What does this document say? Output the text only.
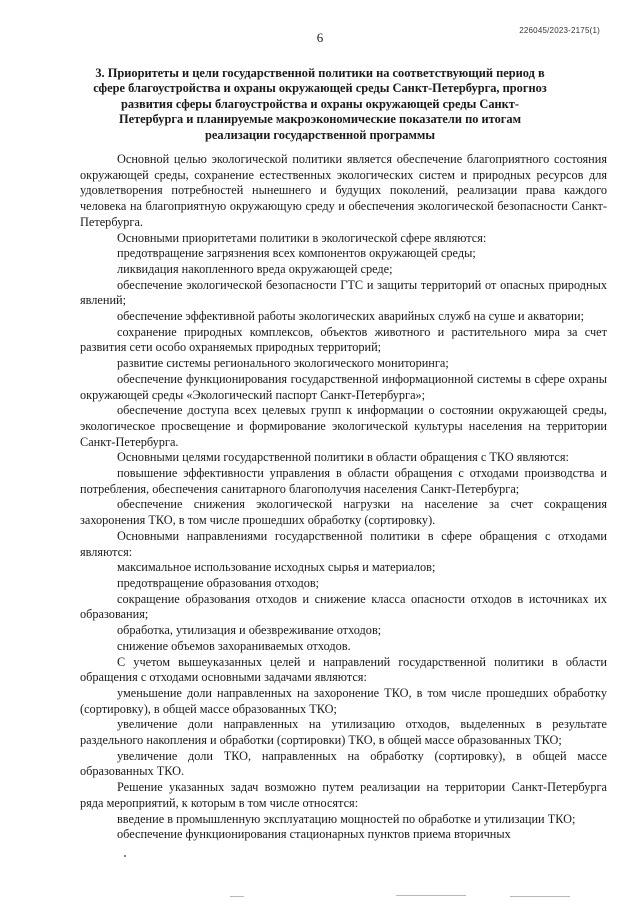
226045/2023-2175(1)
6
3. Приоритеты и цели государственной политики на соответствующий период в сфере благоустройства и охраны окружающей среды Санкт-Петербурга, прогноз развития сферы благоустройства и охраны окружающей среды Санкт-Петербурга и планируемые макроэкономические показатели по итогам реализации государственной программы

Основной целью экологической политики является обеспечение благоприятного состояния окружающей среды, сохранение естественных экологических систем и природных ресурсов для удовлетворения потребностей нынешнего и будущих поколений, реализации права каждого человека на благоприятную окружающую среду и обеспечения экологической безопасности Санкт-Петербурга.

Основными приоритетами политики в экологической сфере являются:

предотвращение загрязнения всех компонентов окружающей среды;

ликвидация накопленного вреда окружающей среде;

обеспечение экологической безопасности ГТС и защиты территорий от опасных природных явлений;

обеспечение эффективной работы экологических аварийных служб на суше и акватории;

сохранение природных комплексов, объектов животного и растительного мира за счет развития сети особо охраняемых природных территорий;

развитие системы регионального экологического мониторинга;

обеспечение функционирования государственной информационной системы в сфере охраны окружающей среды «Экологический паспорт Санкт-Петербурга»;

обеспечение доступа всех целевых групп к информации о состоянии окружающей среды, экологическое просвещение и формирование экологической культуры населения на территории Санкт-Петербурга.

Основными целями государственной политики в области обращения с ТКО являются:

повышение эффективности управления в области обращения с отходами производства и потребления, обеспечения санитарного благополучия населения Санкт-Петербурга;

обеспечение снижения экологической нагрузки на население за счет сокращения захоронения ТКО, в том числе прошедших обработку (сортировку).

Основными направлениями государственной политики в сфере обращения с отходами являются:

максимальное использование исходных сырья и материалов;

предотвращение образования отходов;

сокращение образования отходов и снижение класса опасности отходов в источниках их образования;

обработка, утилизация и обезвреживание отходов;

снижение объемов захораниваемых отходов.

С учетом вышеуказанных целей и направлений государственной политики в области обращения с отходами основными задачами являются:

уменьшение доли направленных на захоронение ТКО, в том числе прошедших обработку (сортировку), в общей массе образованных ТКО;

увеличение доли направленных на утилизацию отходов, выделенных в результате раздельного накопления и обработки (сортировки) ТКО, в общей массе образованных ТКО;

увеличение доли ТКО, направленных на обработку (сортировку), в общей массе образованных ТКО.

Решение указанных задач возможно путем реализации на территории Санкт-Петербурга ряда мероприятий, к которым в том числе относятся:

введение в промышленную эксплуатацию мощностей по обработке и утилизации ТКО;

обеспечение функционирования стационарных пунктов приема вторичных
